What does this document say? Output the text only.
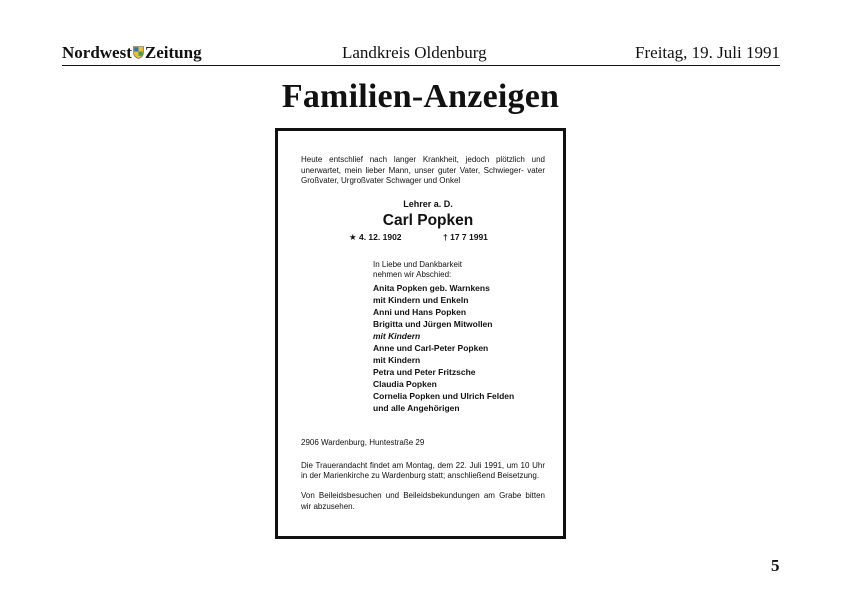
Nordwest Zeitung	Landkreis Oldenburg	Freitag, 19. Juli 1991
Familien-Anzeigen
Heute entschlief nach langer Krankheit, jedoch plötzlich und unerwartet, mein lieber Mann, unser guter Vater, Schwieger- vater Großvater, Urgroßvater Schwager und Onkel
Lehrer a. D.
Carl Popken
★ 4. 12. 1902	† 17 7 1991
In Liebe und Dankbarkeit
nehmen wir Abschied:
Anita Popken geb. Warnkens
mit Kindern und Enkeln
Anni und Hans Popken
Brigitta und Jürgen Mitwollen
mit Kindern
Anne und Carl-Peter Popken
mit Kindern
Petra und Peter Fritzsche
Claudia Popken
Cornelia Popken und Ulrich Felden
und alle Angehörigen
2906 Wardenburg, Huntestraße 29
Die Trauerandacht findet am Montag, dem 22. Juli 1991, um 10 Uhr in der Marienkirche zu Wardenburg statt; anschließend Beisetzung.
Von Beileidsbesuchen und Beileidsbekundungen am Grabe bitten wir abzusehen.
5
